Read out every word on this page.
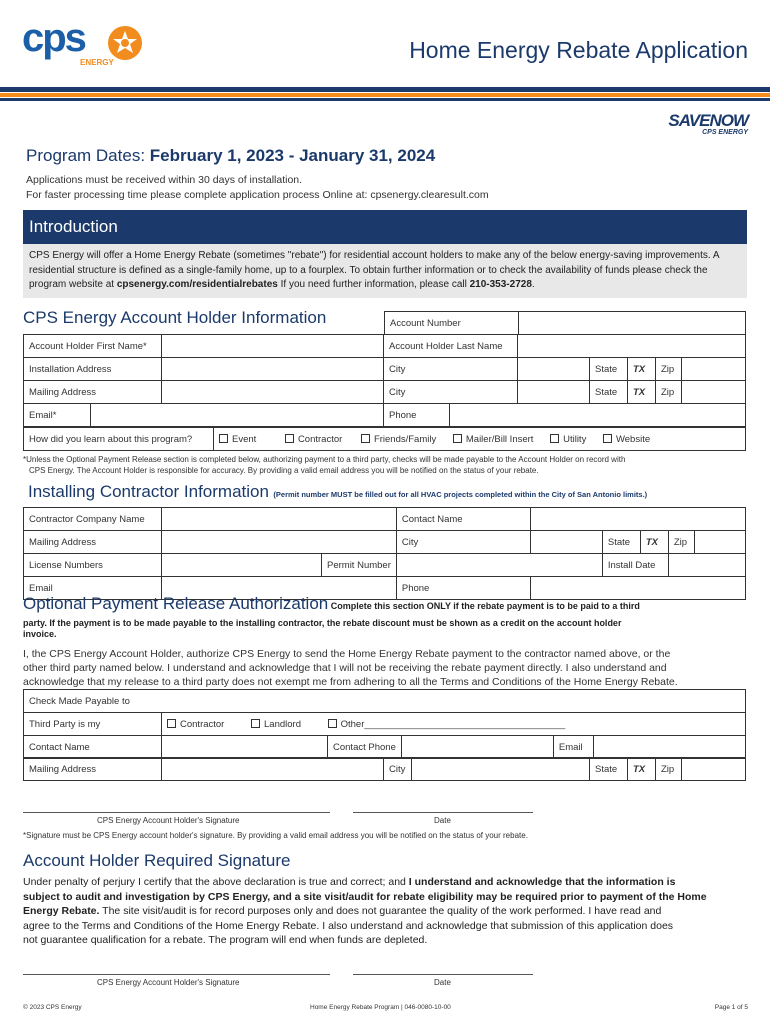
cps
ENERGY	Home Energy Rebate Application
SAVENOW
CPS ENERGY
Program Dates: February 1, 2023 - January 31, 2024
Applications must be received within 30 days of installation.
For faster processing time please complete application process Online at: cpsenergy.clearesult.com
Introduction
CPS Energy will offer a Home Energy Rebate (sometimes "rebate") for residential account holders to make any of the below energy-saving improvements. A residential structure is defined as a single-family home, up to a fourplex. To obtain further information or to check the availability of funds please check the program website at cpsenergy.com/residentialrebates If you need further information, please call 210-353-2728.
CPS Energy Account Holder Information	Account Number	
Account Holder First Name*		Account Holder Last Name					
Installation Address		City		State	TX	Zip	
Mailing Address		City		State	TX	Zip	
Email*		Phone	
How did you learn about this program?	Event	Contractor	Friends/Family	Mailer/Bill Insert	Utility	Website
*Unless the Optional Payment Release section is completed below, authorizing payment to a third party, checks will be made payable to the Account Holder on record with
CPS Energy. The Account Holder is responsible for accuracy. By providing a valid email address you will be notified on the status of your rebate.
Installing Contractor Information (Permit number MUST be filled out for all HVAC projects completed within the City of San Antonio limits.)
Contractor Company Name			Contact Name					
Mailing Address			City		State	TX	Zip	
License Numbers		Permit Number			Install Date			
Email			Phone					
Optional Payment Release Authorization Complete this section ONLY if the rebate payment is to be paid to a third
party. If the payment is to be made payable to the installing contractor, the rebate discount must be shown as a credit on the account holder
invoice.
I, the CPS Energy Account Holder, authorize CPS Energy to send the Home Energy Rebate payment to the contractor named above, or the
other third party named below. I understand and acknowledge that I will not be receiving the rebate payment directly. I also understand and
acknowledge that my release to a third party does not exempt me from adhering to all the Terms and Conditions of the Home Energy Rebate.
Check Made Payable to					
Third Party is my	Contractor Landlord Other______________________________________				
Contact Name		Contact Phone		Email	
Mailing Address		City		State	TX	Zip	
CPS Energy Account Holder's Signature	Date
*Signature must be CPS Energy account holder's signature. By providing a valid email address you will be notified on the status of your rebate.
Account Holder Required Signature
Under penalty of perjury I certify that the above declaration is true and correct; and I understand and acknowledge that the information is
subject to audit and investigation by CPS Energy, and a site visit/audit for rebate eligibility may be required prior to payment of the Home
Energy Rebate. The site visit/audit is for record purposes only and does not guarantee the quality of the work performed. I have read and
agree to the Terms and Conditions of the Home Energy Rebate. I also understand and acknowledge that submission of this application does
not guarantee qualification for a rebate. The program will end when funds are depleted.
CPS Energy Account Holder's Signature	Date
© 2023 CPS Energy	Home Energy Rebate Program | 046-0080-10-00	Page 1 of 5
